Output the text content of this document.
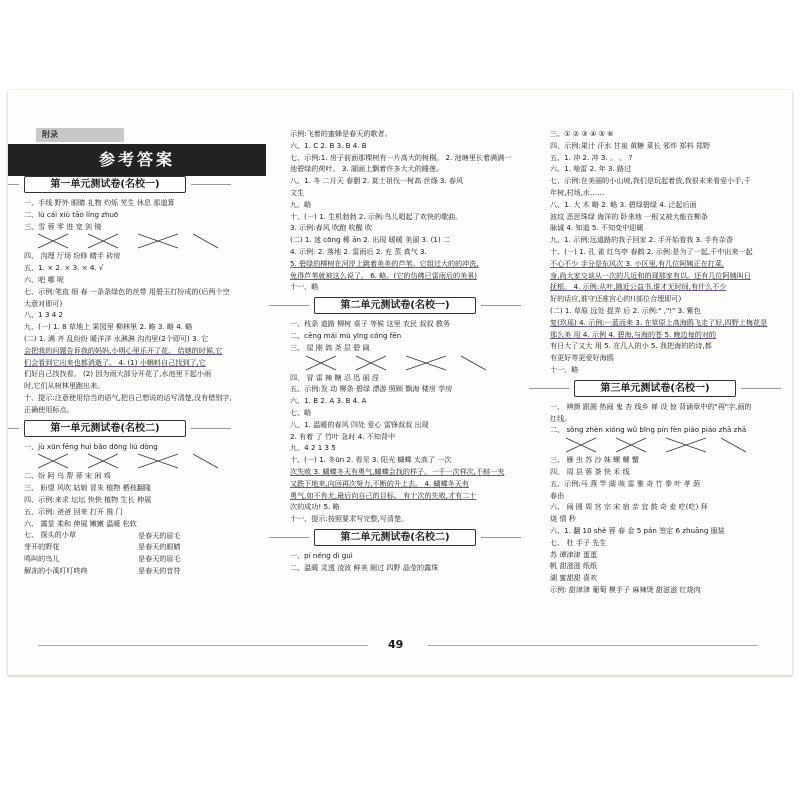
附录
参考答案
第一单元测试卷(名校一)
一、手线 野外 眼睛 礼物 灼烁 芜生 休息 那道算
二、lù cái xiù tāo líng zhuō
三、雪 蓉 零 进 宽 剑 镜
四、 沟理 厅场 纷修 睛手 砖房
五、1. × 2. × 3. × 4. √
六、吧 哪 呢
七、示例:笔直 细 春 一条条绿色的丝带 用碧玉打扮成的(后两个空
大意对即可)
八、1 3 4 2
九、(一) 1. 8 草地上 果园里 柳林里 2. 略 3. 略 4. 略
(二) 1. 满 齐 乱纷纷 暖洋洋 水淋淋 沟沟里(2个即可) 3. 它
会把我的问题告诉我的妈妈,小明心里乐开了花。 给她的时候,它
们会看到它出来也都消逝了。 4. (1) 小蝌蚪自己找到了,它
们好自己找找看。 (2) 因为雨大部分开花了,水池里下起小雨
时,它们从树林里跑出来。
十、提示:注意使用恰当的语气,把自己想说的话写清楚,没有错别字,
正确使用标点。
第一单元测试卷(名校二)
一、jù xūn fēng huì bǎo dōng liú dòng
二、纷 阿 乌 帮 蒂 宋 闲 鸡
三、 盼望 风吹 姑娘 冒朱 植物 栖枝翻隆
四、示例:来求 坛坛 快快 植物 生长 伸展
五、示例: 爸爸 回来 打开 推 门
六、 露显 柔和 伸展 嫩嫩 温暖 松软
七、 探头的小草
芽开的野花
鸣叫的鸟儿
解冻的小溪叮叮咚咚
是春天的眉毛
是春天的眼睛
是春天的眉毛
是春天的音符
示例:飞着的蜜蜂是春天的歌者。
六、1. C 2. B 3. B 4. B
七、示例:1. 房子前面那棵树有一片高大的树桐。 2. 池塘里长着满满一
池碧绿的荷叶。 3. 湖面上飘着许多大大的睡莲。
八、1. 冬 二月天 春胭 2. 莫士祖伐一树高 丝绦 3. 春风
文生
九、略
十、(一) 1. 生机勃勃 2. 示例:鸟儿唱起了欢快的歌曲。
3. 示例:春风 吹跑 吹醒 吹
(二) 1. 迷 cōng 稀 ān 2. 出现 暖暖 美丽 3. (1) 二
4. 示例: 2. 落地 2. 雷雨后 2. 充 蒸 真气 3.
5. 碧绿的柳树在河岸上跳着美美的芦苇。它组过大的的冲洗,
免得芦苇就被这么说了。 6. 略。(它的仿佛已雷雨后的美景)
十一、略
第二单元测试卷(名校一)
一、枝条 道路 柳树 桌子 等候 这里 农民 叔叔 教务
二、cēng mái mù yīng cóng fēn
三、 屋 刚 鸽 尧 层 碧 阔
四、 冒 雷 辣 糖 忍 迅 丽 涅
五、示例:发 动 柳条 碧绿 漂游 照顾 飘海 楼房 学房
六、1. B 2. A 3. B 4. A
七、略
八、1. 温暖的春风 四处 爱心 雷锋叔叔 出现
2. 有着 了 竹叶 急时 4. 不知背中
九、4 2 1 3 5
十、(一) 1. 冬ūn 2. 看见 3. 阳光 蝴蝶 太高了 一次
次失败 3. 蝴蝶冬天有勇气,蝴蝶会找的样子。一千一次样次,不蚌一夹
又跌下地来,向回再次努力,不断的升上去。 4. 蝴蝶冬天有
勇气,如不有尤,最后向自己的目标。 有十次的失败,才有二十
次的成功! 5. 略
十一、提示:按照要求写完整,写清楚。
第二单元测试卷(名校二)
一、pí néng dì guì
二、温暖 灵透 凌波 鲜美 厕过 四野 晶莹的露珠
三、① ② ③ ④ ⑤ ⑥
四、示例:果汁 汗水 甘泉 黄糖 菜长 邪炸 郑料 郑野
五、1. 冲 2. 冲 3. 。 。 ?
六、1. 啥雷 2. 年 3. 路过
七、示例:在美丽的小山坡,我们是玩起着放,我很未来看爱小手,千
年树,村场,水……
八、1. 大 木 略 2. 略 3. 碧绿碧绿 4. 泛起后面
波纹 恶思珠绿 海洋的 卧来地 一根又被大能在柳条
脉诚 4. 知道 5. 不知变中迎暖
九、1. 示例:远道路的我子回家 2. 手开始看我 3. 手有杂香
十、(一) 1. 孔 雀 红鸟亭 春鹤 2. 示例:是为了一起,千中出来一起
不心不少 手分是东风次 3. 小区里,有几位阿姨正在打菜,
身,尚大家交谈从一次的几近和的现那家有以。还有几位阿姨叫日
抚框。 4. 示例:从叶,随近公益书,谁才无时间,有什么不少
好的话应,谁守还准宫心的!(部位合理即可)
(二) 1. 草原 远处 捉弄 后 2. 示例:" ,"!" 3. 紫色
复(玖瑶) 4. 示例:一蓝而来 3. 在草原上高海鸥飞走了好,四野上梅花是
那么美 用 4. 示例 4. 碧海,与海的苍 5. 晚边每的对的
有日大了又大 用 5. 在几人的小 5. 我把海的的诗,都
有更好等更爱好海鸥
十一、略
第三单元测试卷(名校一)
一、 辨颜 跟圆 热闹 鬼 杏 线乡 禅 设 惊 背诵章中的"再"字,画的
红线。
二、 sǒng zhèn xióng wǔ bīng pín fèn piào piáo zhā zhā
三、 雁 虫 苏 沙 妹 螺 螺 蟹
四、 周 县 蓉 茶 快 禾 线
五、示例:马 燕 竿 湖 咳 雷 雅 奇 竹 拳 叶 孝 荫
春由
六、 闹 圆 周 宫 宗 宋 宿 亲 宜 鼓 奇 麦 吃(吃) 拜
烧 情 秒
六、1. 翻 10 shě 蓉 春 金 5 pán 签定 6 zhuāng 服装
七、 杜 手子 先生
苏 谭津津 蛋蛋
帆 甜滋滋 纸纸
湖 蜜甜甜 喜欢
示例: 甜津津 葡萄 模手子 麻辣烫 甜滋滋 红烧肉
49
